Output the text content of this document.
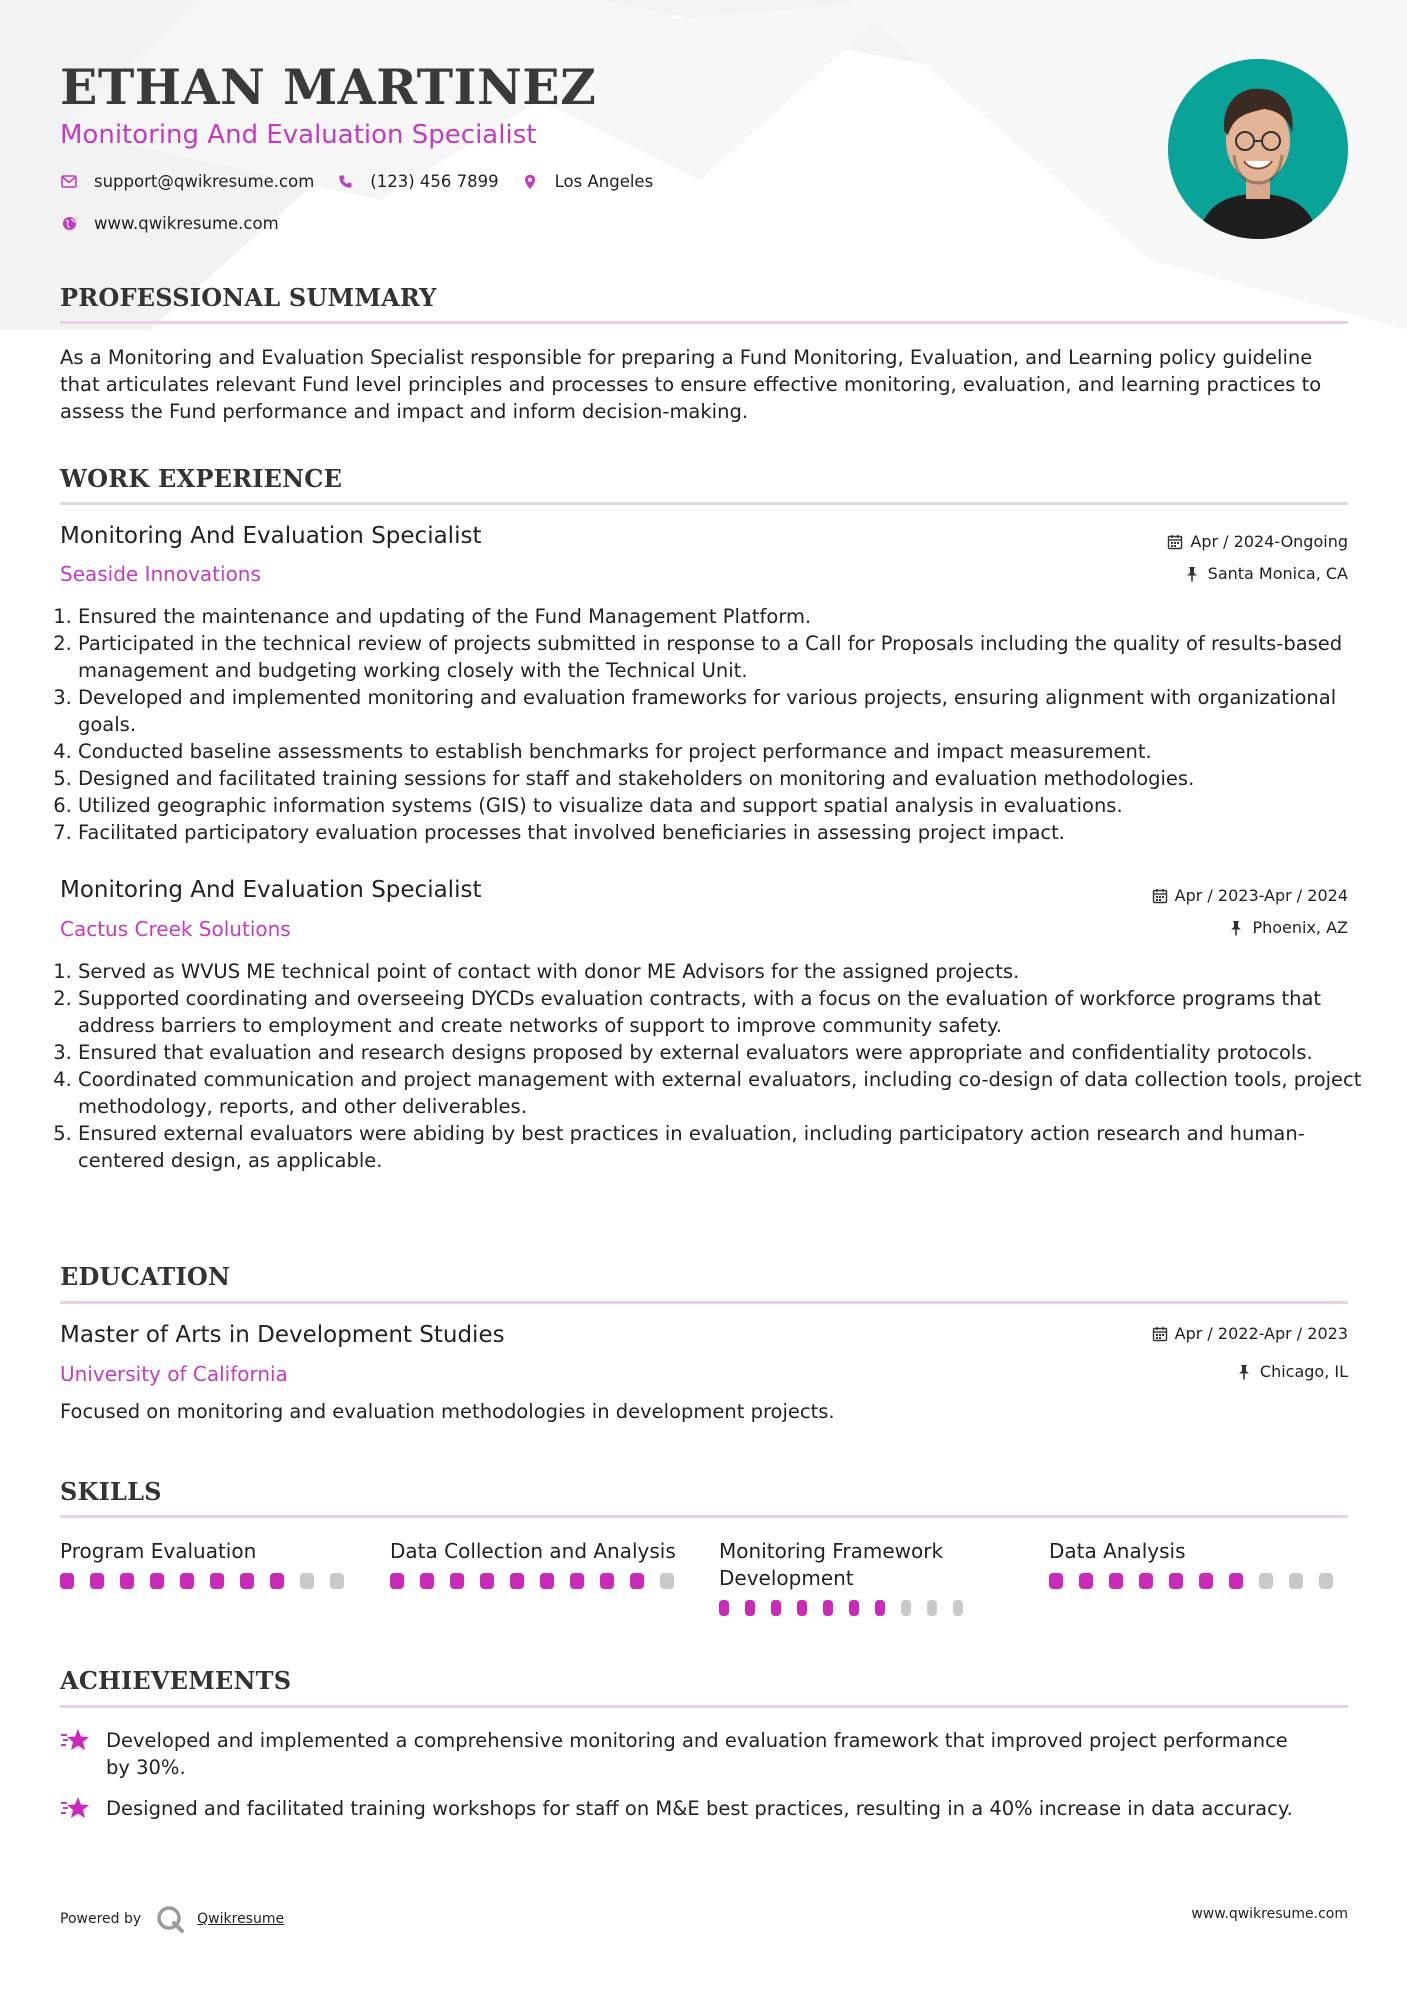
ETHAN MARTINEZ
Monitoring And Evaluation Specialist
support@qwikresume.com	(123) 456 7899	Los Angeles
www.qwikresume.com
PROFESSIONAL SUMMARY
As a Monitoring and Evaluation Specialist responsible for preparing a Fund Monitoring, Evaluation, and Learning policy guideline that articulates relevant Fund level principles and processes to ensure effective monitoring, evaluation, and learning practices to assess the Fund performance and impact and inform decision-making.
WORK EXPERIENCE
Monitoring And Evaluation Specialist
Seaside Innovations
Apr / 2024-Ongoing
Santa Monica, CA
1. Ensured the maintenance and updating of the Fund Management Platform.
2. Participated in the technical review of projects submitted in response to a Call for Proposals including the quality of results-based management and budgeting working closely with the Technical Unit.
3. Developed and implemented monitoring and evaluation frameworks for various projects, ensuring alignment with organizational goals.
4. Conducted baseline assessments to establish benchmarks for project performance and impact measurement.
5. Designed and facilitated training sessions for staff and stakeholders on monitoring and evaluation methodologies.
6. Utilized geographic information systems (GIS) to visualize data and support spatial analysis in evaluations.
7. Facilitated participatory evaluation processes that involved beneficiaries in assessing project impact.
Monitoring And Evaluation Specialist
Cactus Creek Solutions
Apr / 2023-Apr / 2024
Phoenix, AZ
1. Served as WVUS ME technical point of contact with donor ME Advisors for the assigned projects.
2. Supported coordinating and overseeing DYCDs evaluation contracts, with a focus on the evaluation of workforce programs that address barriers to employment and create networks of support to improve community safety.
3. Ensured that evaluation and research designs proposed by external evaluators were appropriate and confidentiality protocols.
4. Coordinated communication and project management with external evaluators, including co-design of data collection tools, project methodology, reports, and other deliverables.
5. Ensured external evaluators were abiding by best practices in evaluation, including participatory action research and human-centered design, as applicable.
EDUCATION
Master of Arts in Development Studies
University of California
Apr / 2022-Apr / 2023
Chicago, IL
Focused on monitoring and evaluation methodologies in development projects.
SKILLS
Program Evaluation	Data Collection and Analysis	Monitoring Framework Development
Data Analysis
ACHIEVEMENTS
Developed and implemented a comprehensive monitoring and evaluation framework that improved project performance by 30%.
Designed and facilitated training workshops for staff on M&E best practices, resulting in a 40% increase in data accuracy.
Powered by	Qwikresume	www.qwikresume.com
